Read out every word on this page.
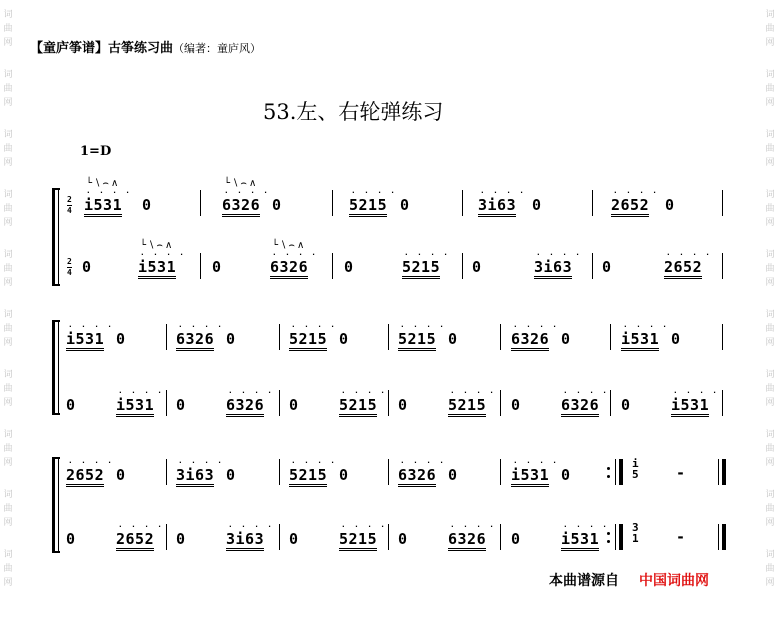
词
曲
网
词
曲
网
词
曲
网
词
曲
网
词
曲
网
词
曲
网
词
曲
网
词
曲
网
词
曲
网
词
曲
网
词
曲
网
词
曲
网
词
曲
网
词
曲
网
词
曲
网
词
曲
网
词
曲
网
词
曲
网
词
曲
网
词
曲
网
【童庐筝谱】古筝练习曲（编著：童庐风）
53.左、右轮弹练习
1=D
2
4
2
4
i531
· · · ·
└∖⌢∧
0	6326
· · · ·
└∖⌢∧
0	5215
· · · ·
0	3i63
· · · ·
0	2652
· · · ·
0
0	i531
· · · ·
└∖⌢∧
0	6326
· · · ·
└∖⌢∧
0	5215
· · · ·
0	3i63
· · · ·
0	2652
· · · ·
i531
· · · ·
0	6326
· · · ·
0	5215
· · · ·
0	5215
· · · ·
0	6326
· · · ·
0	i531
· · · ·
0
0	i531
· · · ·
0	6326
· · · ·
0	5215
· · · ·
0	5215
· · · ·
0	6326
· · · ·
0	i531
· · · ·
2652
· · · ·
0	3i63
· · · ·
0	5215
· · · ·
0	6326
· · · ·
0	i531
· · · ·
0
0	2652
· · · ·
0	3i63
· · · ·
0	5215
· · · ·
0	6326
· · · ·
0	i531
· · · ·
i
5
3
1
-
-
本曲谱源自 中国词曲网
